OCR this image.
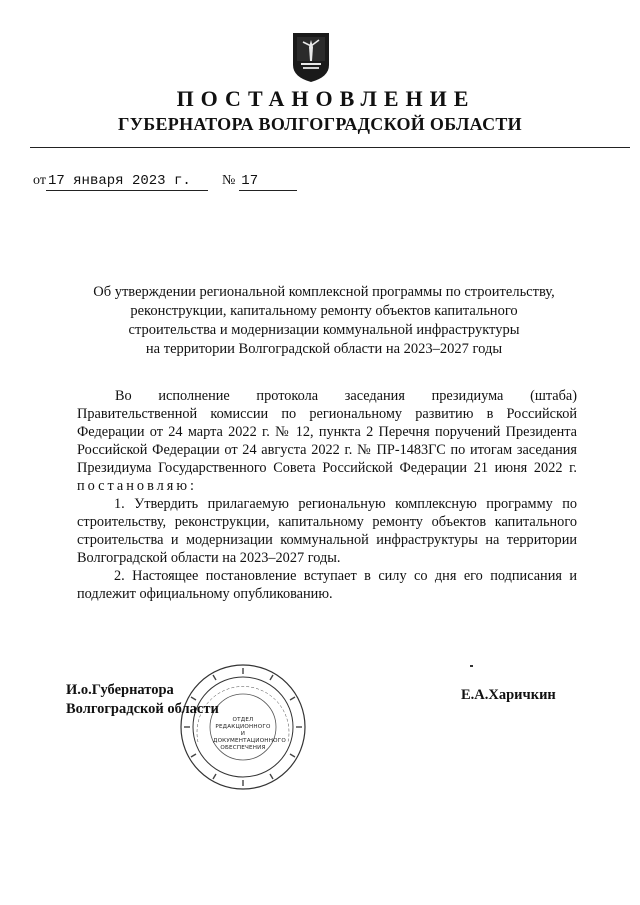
ПОСТАНОВЛЕНИЕ
ГУБЕРНАТОРА ВОЛГОГРАДСКОЙ ОБЛАСТИ
от 17 января 2023 г. № 17
Об утверждении региональной комплексной программы по строительству,
реконструкции, капитальному ремонту объектов капитального
строительства и модернизации коммунальной инфраструктуры
на территории Волгоградской области на 2023–2027 годы

Во исполнение протокола заседания президиума (штаба) Правительственной комиссии по региональному развитию в Российской Федерации от 24 марта 2022 г. № 12, пункта 2 Перечня поручений Президента Российской Федерации от 24 августа 2022 г. № ПР-1483ГС по итогам заседания Президиума Государственного Совета Российской Федерации 21 июня 2022 г. постановляю:

1. Утвердить прилагаемую региональную комплексную программу по строительству, реконструкции, капитальному ремонту объектов капитального строительства и модернизации коммунальной инфраструктуры на территории Волгоградской области на 2023–2027 годы.

2. Настоящее постановление вступает в силу со дня его подписания и подлежит официальному опубликованию.

ОТДЕЛ
РЕДАКЦИОННОГО И
ДОКУМЕНТАЦИОННОГО
ОБЕСПЕЧЕНИЯ
И.о.Губернатора
Волгоградской области
Е.А.Харичкин
